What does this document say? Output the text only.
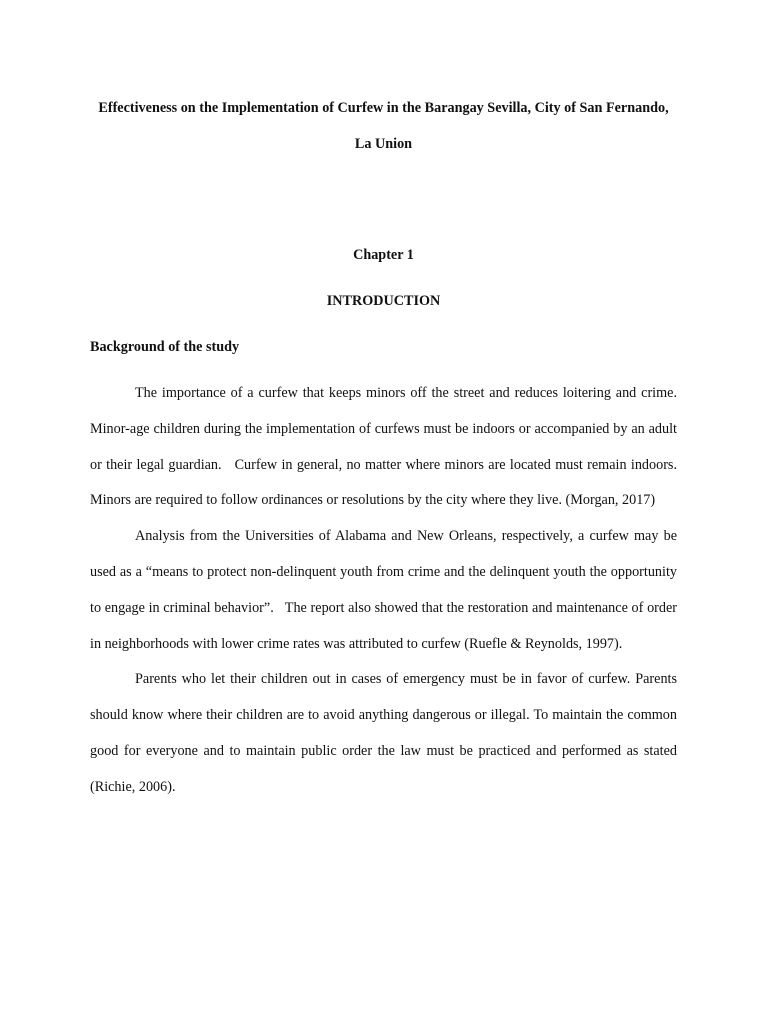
Effectiveness on the Implementation of Curfew in the Barangay Sevilla, City of San Fernando, La Union

Chapter 1

INTRODUCTION

Background of the study

The importance of a curfew that keeps minors off the street and reduces loitering and crime. Minor-age children during the implementation of curfews must be indoors or accompanied by an adult or their legal guardian.   Curfew in general, no matter where minors are located must remain indoors. Minors are required to follow ordinances or resolutions by the city where they live. (Morgan, 2017)

Analysis from the Universities of Alabama and New Orleans, respectively, a curfew may be used as a “means to protect non-delinquent youth from crime and the delinquent youth the opportunity to engage in criminal behavior”.   The report also showed that the restoration and maintenance of order in neighborhoods with lower crime rates was attributed to curfew (Ruefle & Reynolds, 1997).

Parents who let their children out in cases of emergency must be in favor of curfew. Parents should know where their children are to avoid anything dangerous or illegal. To maintain the common good for everyone and to maintain public order the law must be practiced and performed as stated (Richie, 2006).
